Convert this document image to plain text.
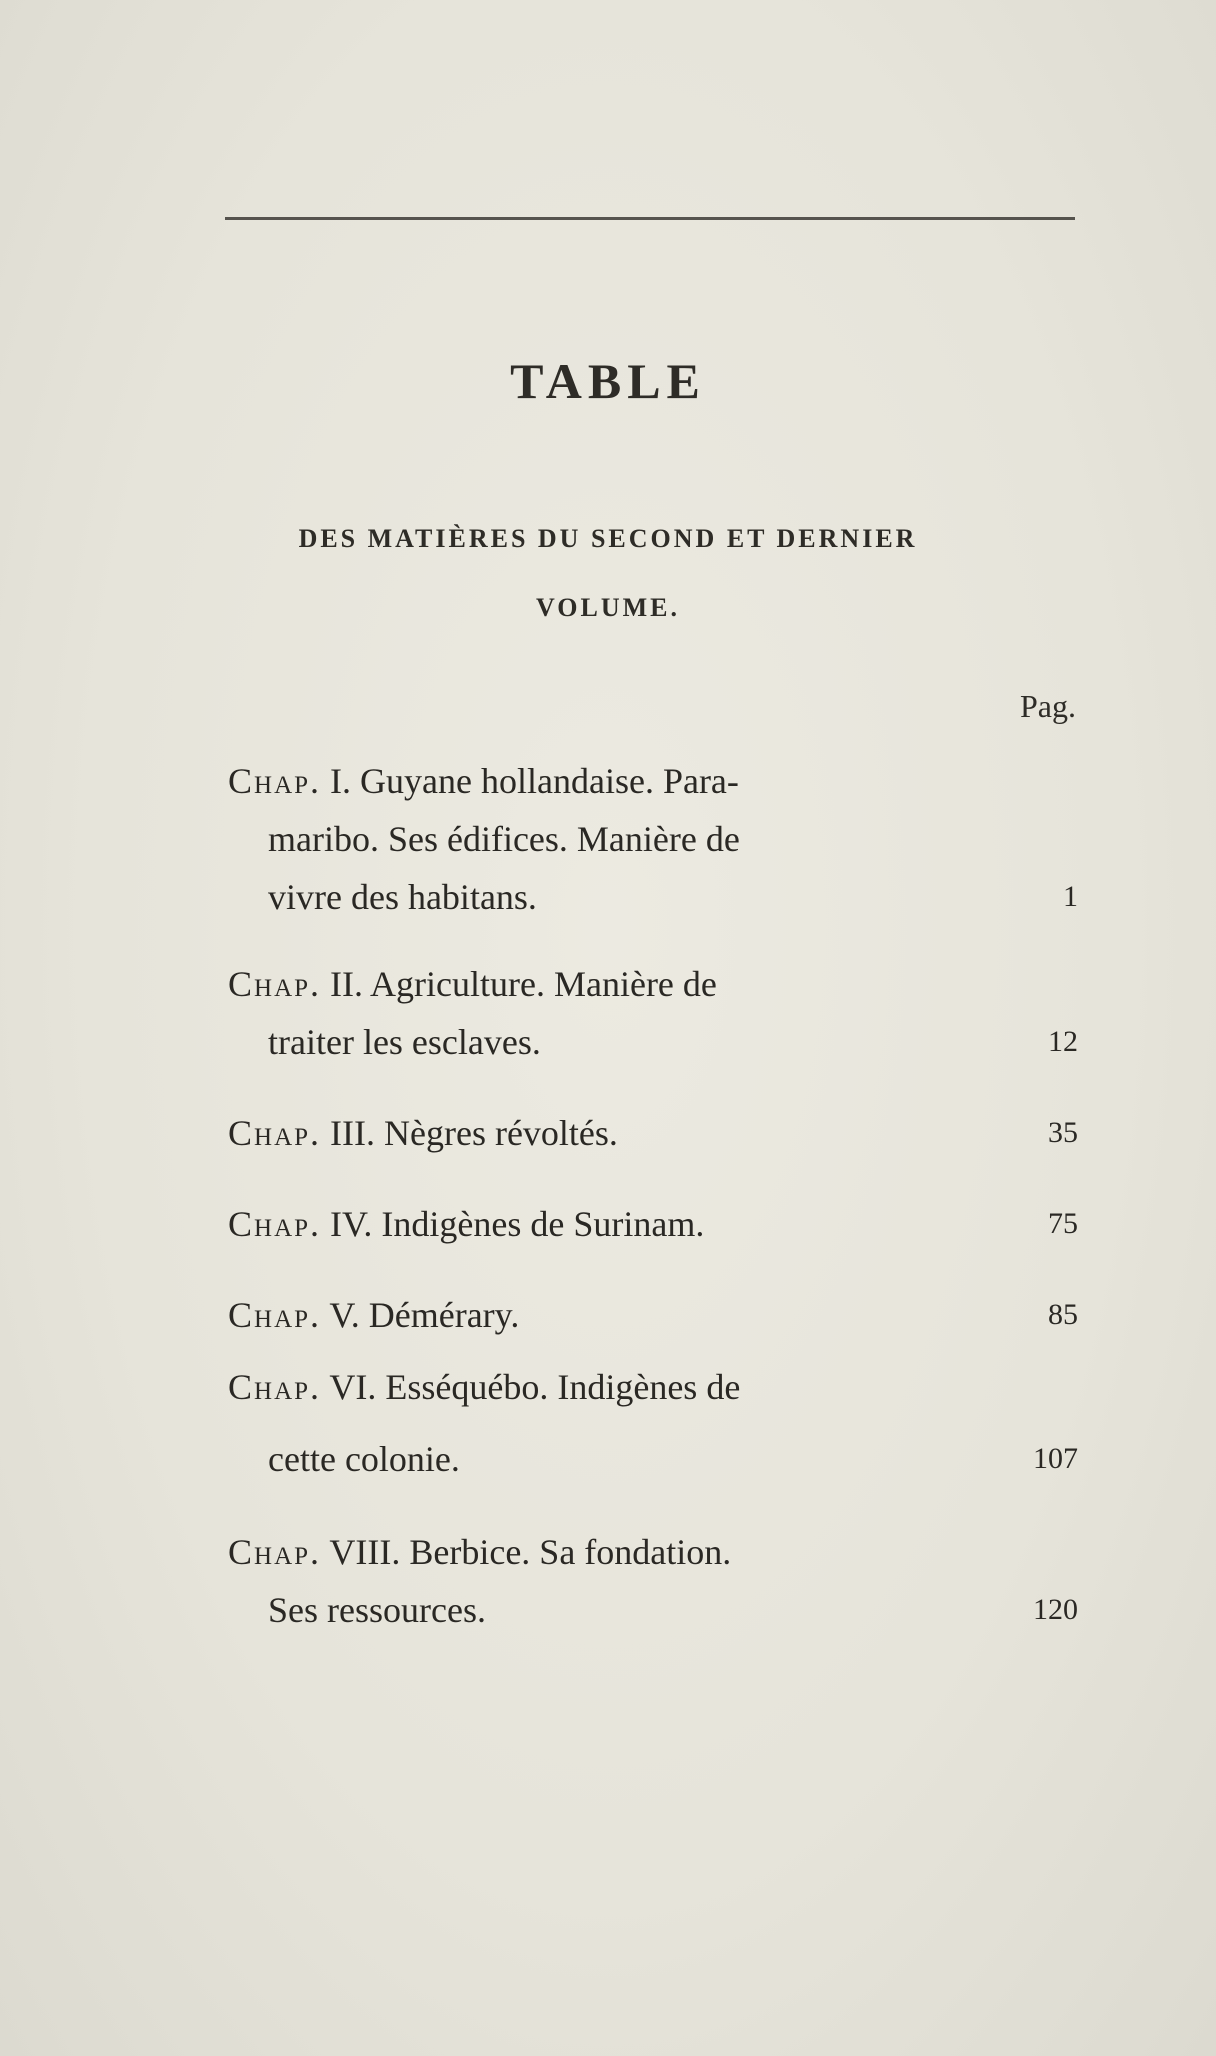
TABLE
DES MATIÈRES DU SECOND ET DERNIER
VOLUME.
Pag.
Chap. I. Guyane hollandaise. Para-
maribo. Ses édifices. Manière de
vivre des habitans.	1
Chap. II. Agriculture. Manière de
traiter les esclaves.	12
Chap. III. Nègres révoltés.	35
Chap. IV. Indigènes de Surinam.	75
Chap. V. Démérary.	85
Chap. VI. Esséquébo. Indigènes de
cette colonie.	107
Chap. VIII. Berbice. Sa fondation.
Ses ressources.	120
